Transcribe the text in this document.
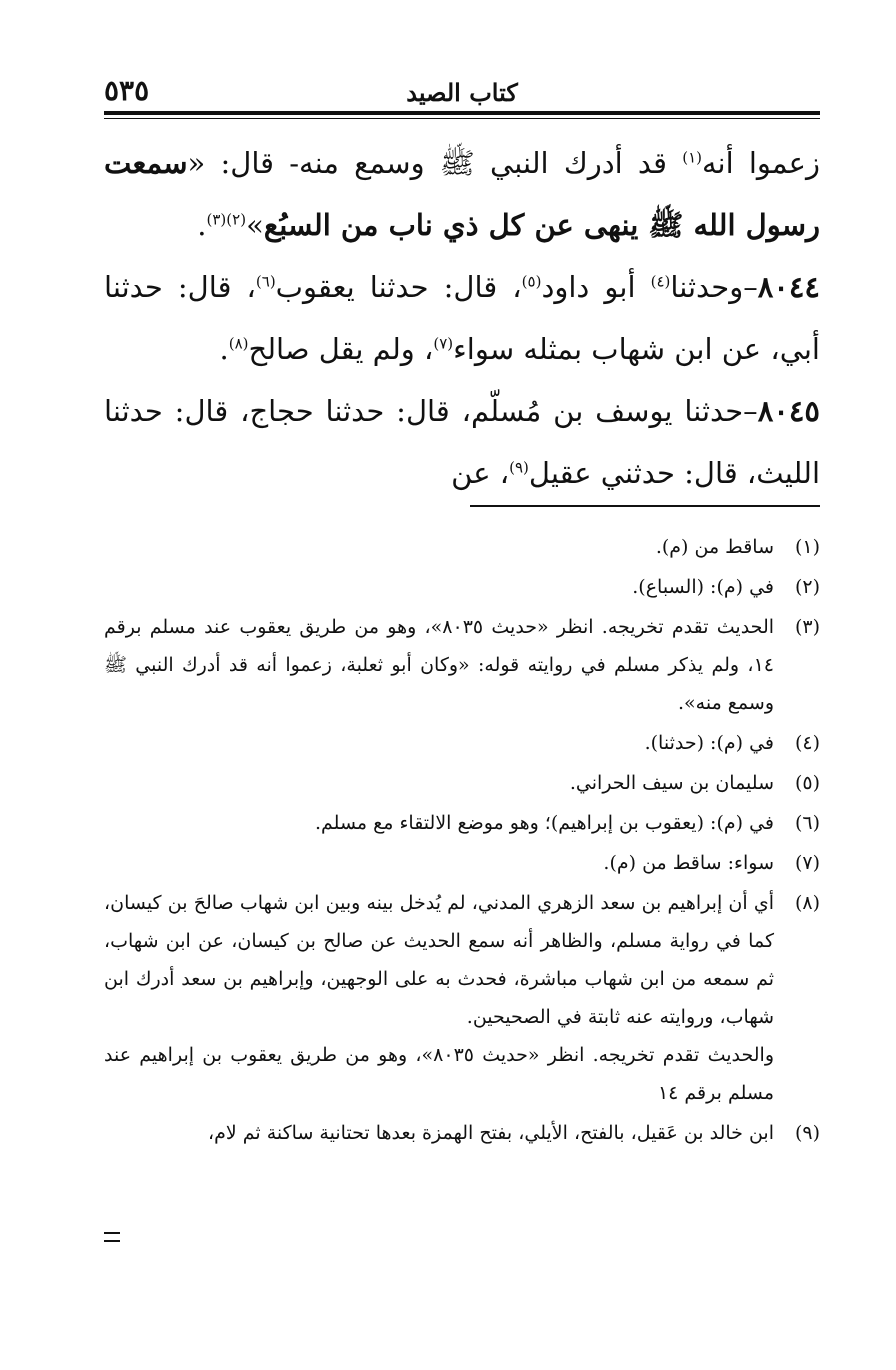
٥٣٥	كتاب الصيد

زعموا أنه$^{(١)}$ قد أدرك النبي ﷺ وسمع منه- قال: «سمعت رسول الله ﷺ ينهى عن كل ذي ناب من السبُع»$^{(٢)(٣)}$.

٨٠٤٤–وحدثنا$^{(٤)}$ أبو داود$^{(٥)}$، قال: حدثنا يعقوب$^{(٦)}$، قال: حدثنا أبي، عن ابن شهاب بمثله سواء$^{(٧)}$، ولم يقل صالح$^{(٨)}$.

٨٠٤٥–حدثنا يوسف بن مُسلّم، قال: حدثنا حجاج، قال: حدثنا الليث، قال: حدثني عقيل$^{(٩)}$، عن

(١)
ساقط من (م).
(٢)
في (م): (السباع).
(٣)
الحديث تقدم تخريجه. انظر «حديث ٨٠٣٥»، وهو من طريق يعقوب عند مسلم برقم ١٤، ولم يذكر مسلم في روايته قوله: «وكان أبو ثعلبة، زعموا أنه قد أدرك النبي ﷺ وسمع منه».
(٤)
في (م): (حدثنا).
(٥)
سليمان بن سيف الحراني.
(٦)
في (م): (يعقوب بن إبراهيم)؛ وهو موضع الالتقاء مع مسلم.
(٧)
سواء: ساقط من (م).
(٨)
أي أن إبراهيم بن سعد الزهري المدني، لم يُدخل بينه وبين ابن شهاب صالحَ بن كيسان، كما في رواية مسلم، والظاهر أنه سمع الحديث عن صالح بن كيسان، عن ابن شهاب، ثم سمعه من ابن شهاب مباشرة، فحدث به على الوجهين، وإبراهيم بن سعد أدرك ابن شهاب، وروايته عنه ثابتة في الصحيحين.

والحديث تقدم تخريجه. انظر «حديث ٨٠٣٥»، وهو من طريق يعقوب بن إبراهيم عند مسلم برقم ١٤

(٩)
ابن خالد بن عَقيل، بالفتح، الأيلي، بفتح الهمزة بعدها تحتانية ساكنة ثم لام،
